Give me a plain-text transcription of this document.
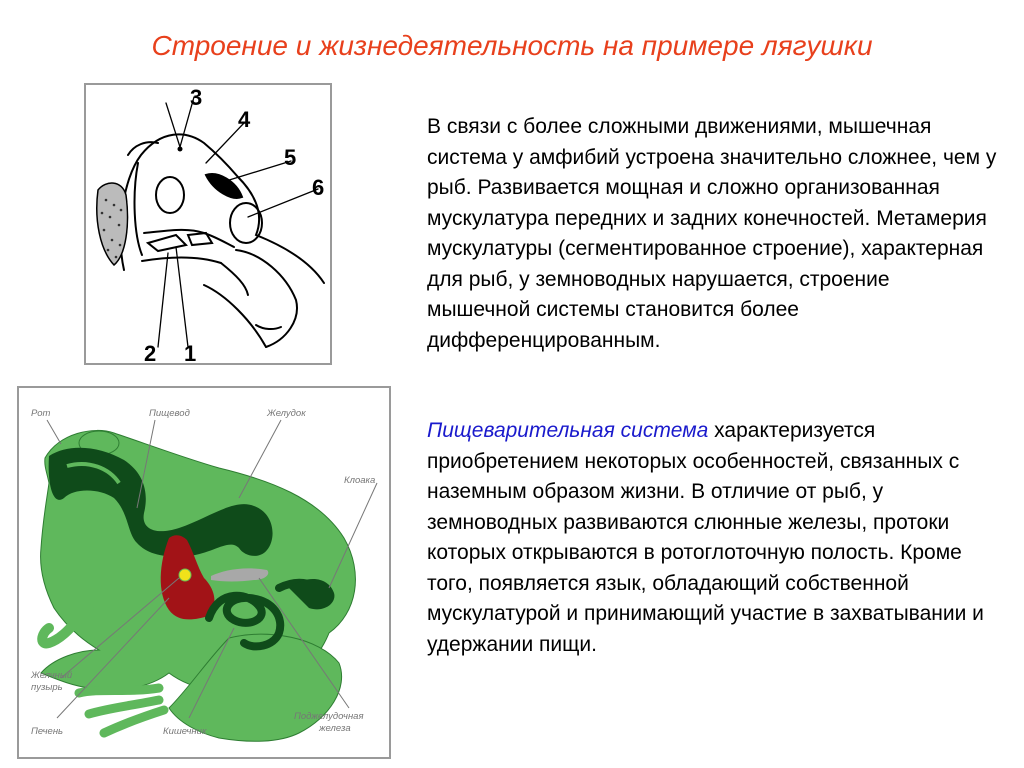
Строение и жизнедеятельность на примере лягушки
3
4
5
6
2 1
Рот	Пищевод	Желудок
Клоака
Желчный
пузырь
Печень	Кишечник
Поджелудочная
железа
В связи с более сложными движениями, мышечная система у амфибий устроена значительно сложнее, чем у рыб. Развивается мощная и сложно организованная мускулатура передних и задних конечностей. Метамерия мускулатуры (сегментированное строение), характерная для рыб, у земноводных нарушается, строение мышечной системы становится более дифференцированным.
Пищеварительная система характеризуется приобретением некоторых особенностей, связанных с наземным образом жизни. В отличие от рыб, у земноводных развиваются слюнные железы, протоки которых открываются в ротоглоточную полость. Кроме того, появляется язык, обладающий собственной мускулатурой и принимающий участие в захватывании и удержании пищи.
